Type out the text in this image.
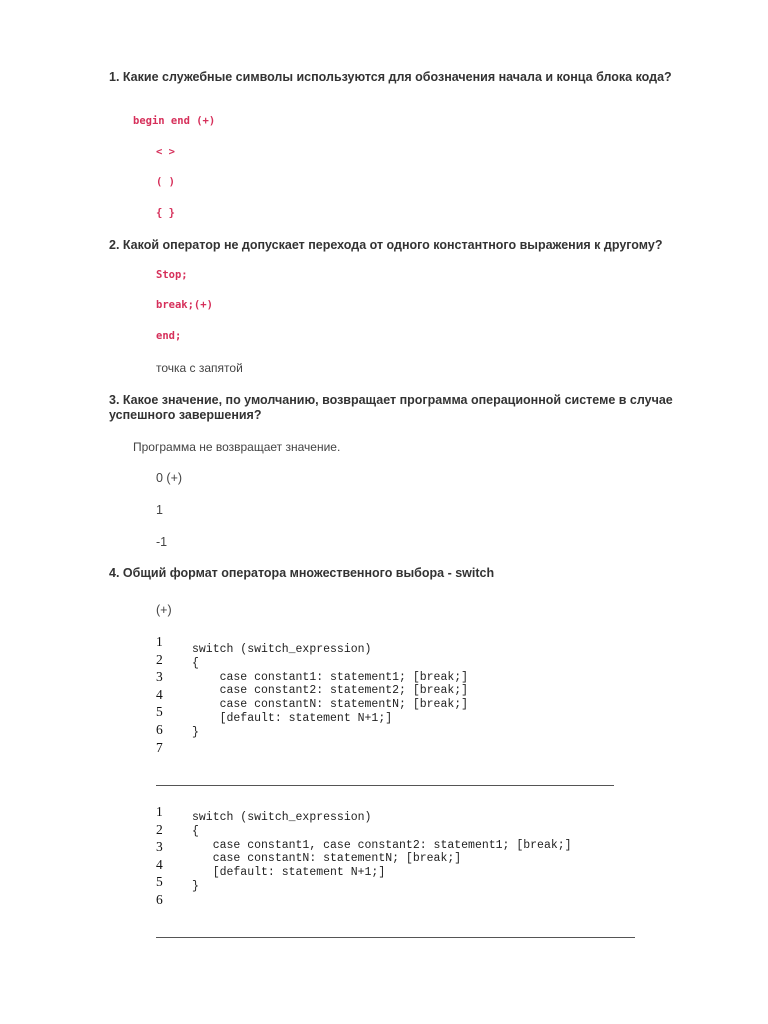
1. Какие служебные символы используются для обозначения начала и конца блока кода?
begin end (+)
< >
( )
{ }
2. Какой оператор не допускает перехода от одного константного выражения к другому?
Stop;
break;(+)
end;
точка с запятой
3. Какое значение, по умолчанию, возвращает программа операционной системе в случае успешного завершения?
Программа не возвращает значение.
0 (+)
1
-1
4. Общий формат оператора множественного выбора - switch
(+)
1
2
3
4
5
6
7
switch (switch_expression)
{
case constant1: statement1; [break;]
case constant2: statement2; [break;]
case constantN: statementN; [break;]
[default: statement N+1;]
}
1
2
3
4
5
6
switch (switch_expression)
{
case constant1, case constant2: statement1; [break;]
case constantN: statementN; [break;]
[default: statement N+1;]
}
